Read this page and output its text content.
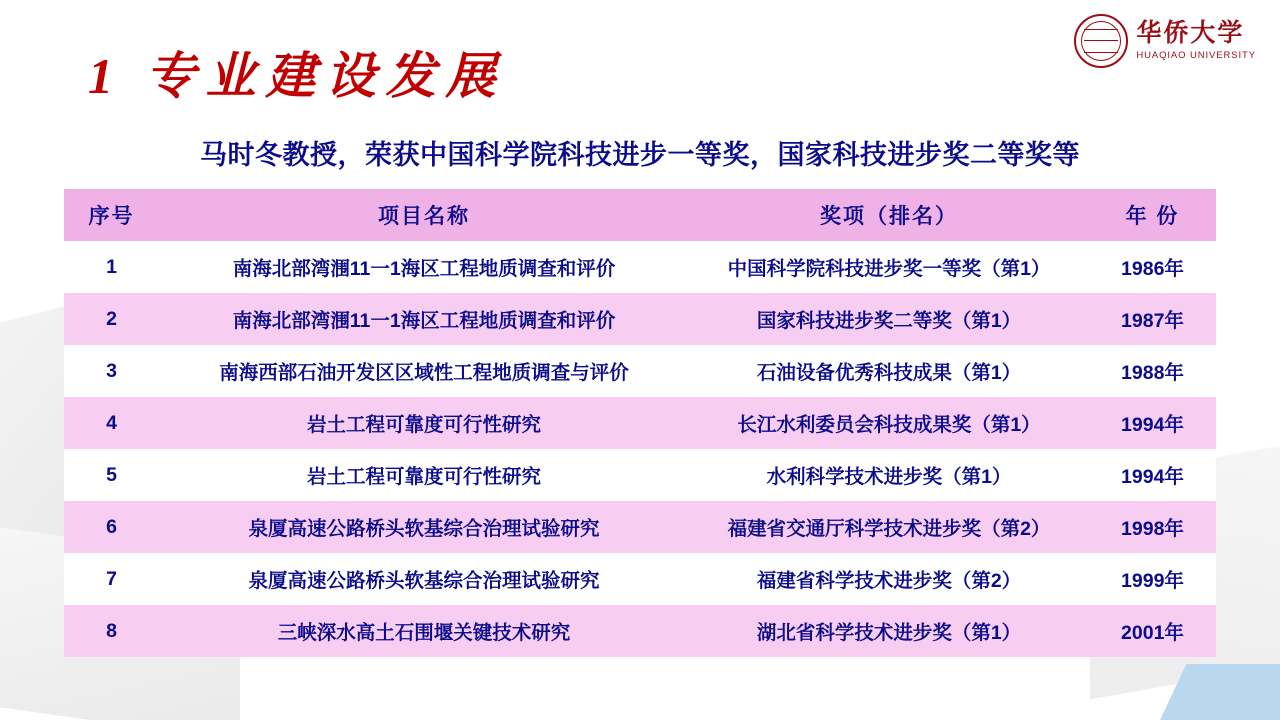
华侨大学
HUAQIAO UNIVERSITY
1 专业建设发展
马时冬教授，荣获中国科学院科技进步一等奖，国家科技进步奖二等奖等
序号	项目名称	奖项（排名）	年 份
1	南海北部湾涠11一1海区工程地质调查和评价	中国科学院科技进步奖一等奖（第1）	1986年
2	南海北部湾涠11一1海区工程地质调查和评价	国家科技进步奖二等奖（第1）	1987年
3	南海西部石油开发区区域性工程地质调查与评价	石油设备优秀科技成果（第1）	1988年
4	岩土工程可靠度可行性研究	长江水利委员会科技成果奖（第1）	1994年
5	岩土工程可靠度可行性研究	水利科学技术进步奖（第1）	1994年
6	泉厦高速公路桥头软基综合治理试验研究	福建省交通厅科学技术进步奖（第2）	1998年
7	泉厦高速公路桥头软基综合治理试验研究	福建省科学技术进步奖（第2）	1999年
8	三峡深水高土石围堰关键技术研究	湖北省科学技术进步奖（第1）	2001年
